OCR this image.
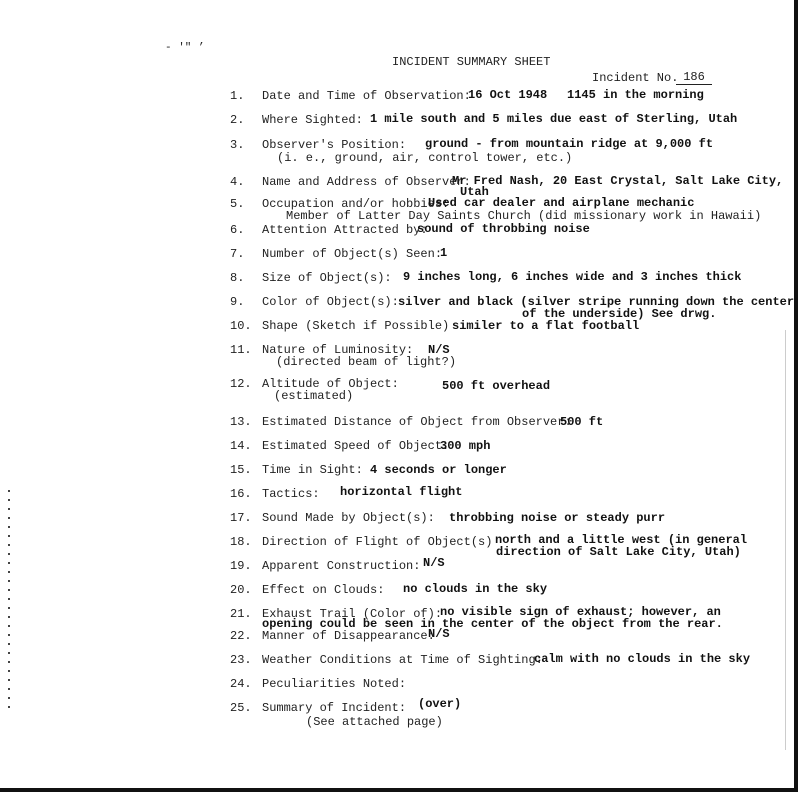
- ′″ ’
INCIDENT SUMMARY SHEET
Incident No. 186
1. Date and Time of Observation:
16 Oct 1948 1145 in the morning
2. Where Sighted: 1 mile south and 5 miles due east of Sterling, Utah
3. Observer's Position: ground - from mountain ridge at 9,000 ft
(i. e., ground, air, control tower, etc.)
4. Name and Address of Observer:
Mr Fred Nash, 20 East Crystal, Salt Lake City,
Utah
5. Occupation and/or hobbies:
Used car dealer and airplane mechanic
Member of Latter Day Saints Church (did missionary work in Hawaii)
6. Attention Attracted by:
sound of throbbing noise
7. Number of Object(s) Seen:
1
8. Size of Object(s): 9 inches long, 6 inches wide and 3 inches thick
9. Color of Object(s): silver and black (silver stripe running down the center
of the underside) See drwg.
10. Shape (Sketch if Possible) similer to a flat football
11. Nature of Luminosity: N/S
(directed beam of light?)
12. Altitude of Object:	500 ft overhead
(estimated)
13. Estimated Distance of Object from Observer:
500 ft
14. Estimated Speed of Object:
300 mph
15. Time in Sight: 4 seconds or longer
16. Tactics: horizontal flight
17. Sound Made by Object(s): throbbing noise or steady purr
18. Direction of Flight of Object(s) north and a little west (in general
direction of Salt Lake City, Utah)
19. Apparent Construction: N/S
20. Effect on Clouds: no clouds in the sky
21. Exhaust Trail (Color of):
no visible sign of exhaust; however, an
opening could be seen in the center of the object from the rear.
22. Manner of Disappearance:
N/S
23. Weather Conditions at Time of Sighting:
calm with no clouds in the sky
24. Peculiarities Noted:
25. Summary of Incident: (over)
(See attached page)
